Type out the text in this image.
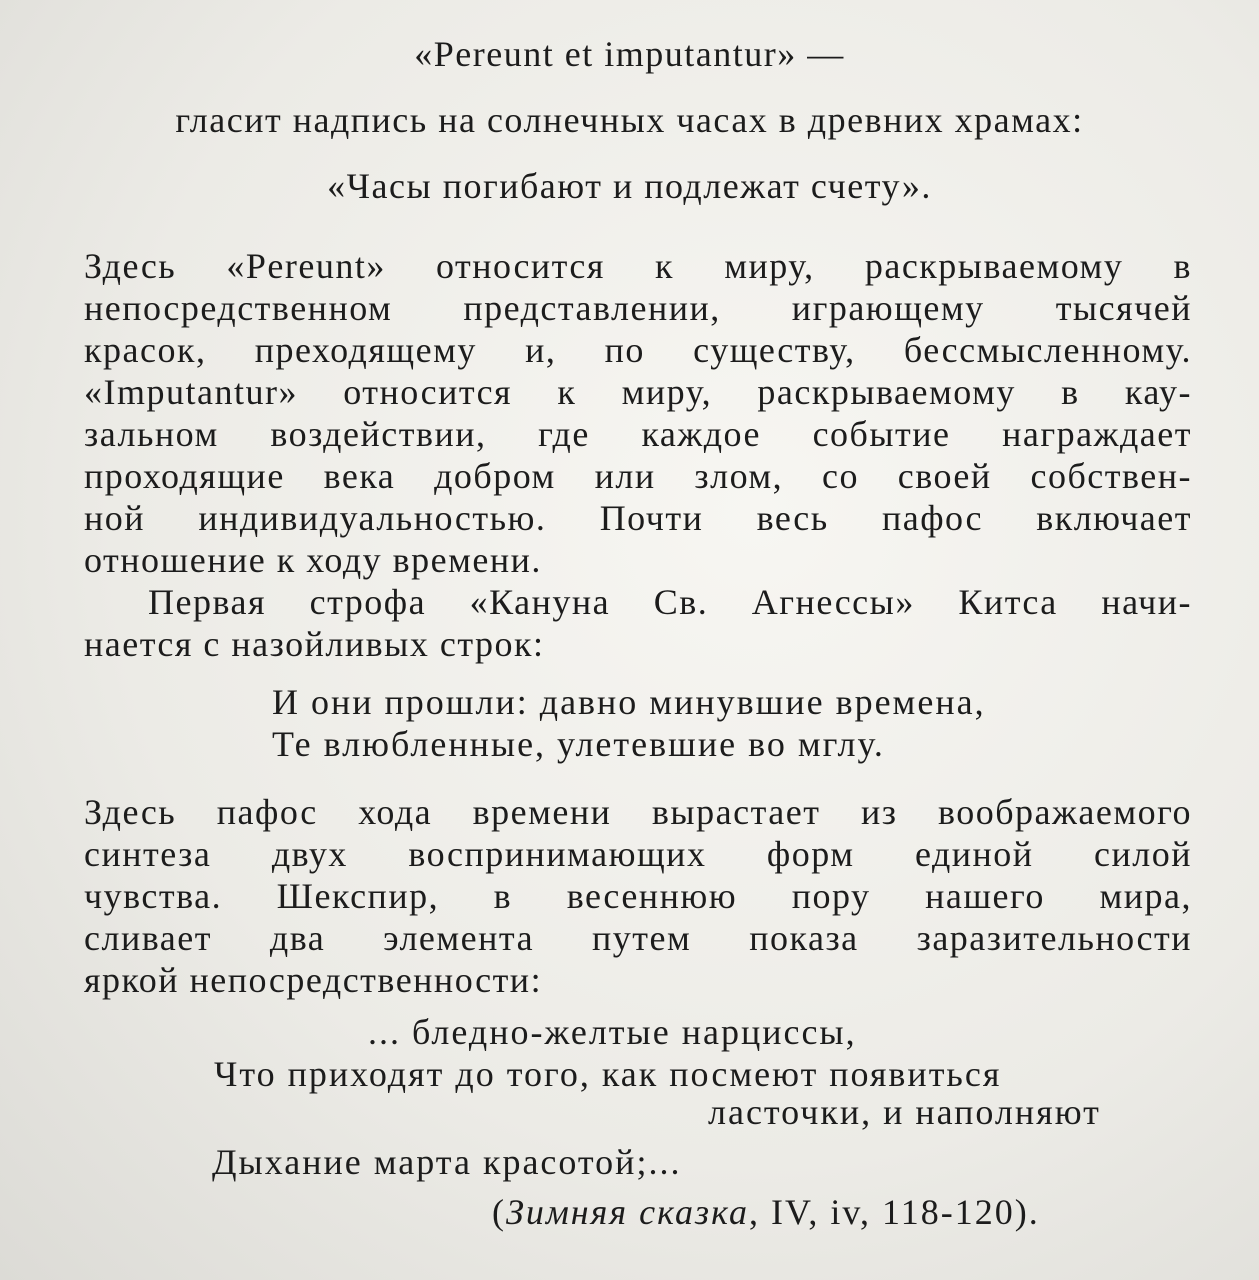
«Pereunt et imputantur» —
гласит надпись на солнечных часах в древних храмах:
«Часы погибают и подлежат счету».
Здесь «Pereunt» относится к миру, раскрываемому в
непосредственном представлении, играющему тысячей
красок, преходящему и, по существу, бессмысленному.
«Imputantur» относится к миру, раскрываемому в кау-
зальном воздействии, где каждое событие награждает
проходящие века добром или злом, со своей собствен-
ной индивидуальностью. Почти весь пафос включает
отношение к ходу времени.
Первая строфа «Кануна Св. Агнессы» Китса начи-
нается с назойливых строк:
И они прошли: давно минувшие времена,
Те влюбленные, улетевшие во мглу.
Здесь пафос хода времени вырастает из воображаемого
синтеза двух воспринимающих форм единой силой
чувства. Шекспир, в весеннюю пору нашего мира,
сливает два элемента путем показа заразительности
яркой непосредственности:
... бледно-желтые нарциссы,
Что приходят до того, как посмеют появиться
ласточки, и наполняют
Дыхание марта красотой;...
(Зимняя сказка, IV, iv, 118-120).
